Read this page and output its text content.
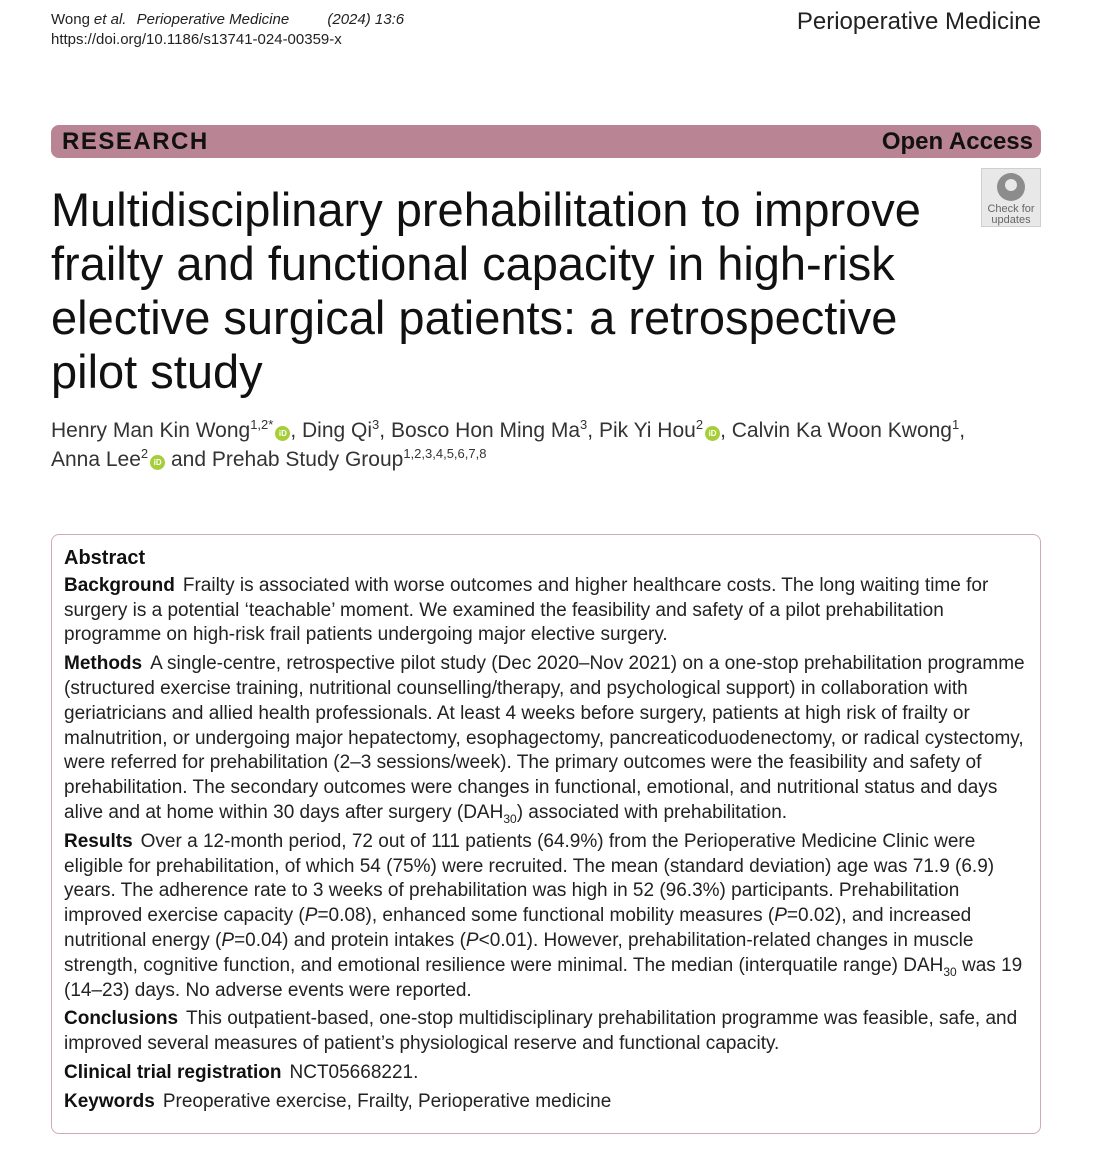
Wong et al. Perioperative Medicine	(2024) 13:6
https://doi.org/10.1186/s13741-024-00359-x
Perioperative Medicine
RESEARCH	Open Access
Check for
updates
Multidisciplinary prehabilitation to improve frailty and functional capacity in high-risk elective surgical patients: a retrospective pilot study
Henry Man Kin Wong$^{1,2*}$iD , Ding Qi$^3$, Bosco Hon Ming Ma$^3$, Pik Yi Hou$^2$iD , Calvin Ka Woon Kwong$^1$,
Anna Lee$^2$iD and Prehab Study Group$^{1,2,3,4,5,6,7,8}$
Abstract

Background Frailty is associated with worse outcomes and higher healthcare costs. The long waiting time for surgery is a potential ‘teachable’ moment. We examined the feasibility and safety of a pilot prehabilitation programme on high-risk frail patients undergoing major elective surgery.

Methods A single-centre, retrospective pilot study (Dec 2020–Nov 2021) on a one-stop prehabilitation programme (structured exercise training, nutritional counselling/therapy, and psychological support) in collaboration with geriatricians and allied health professionals. At least 4 weeks before surgery, patients at high risk of frailty or malnutrition, or undergoing major hepatectomy, esophagectomy, pancreaticoduodenectomy, or radical cystectomy, were referred for prehabilitation (2–3 sessions/week). The primary outcomes were the feasibility and safety of prehabilitation. The secondary outcomes were changes in functional, emotional, and nutritional status and days alive and at home within 30 days after surgery $(DAH_{30})$ associated with prehabilitation.

Results Over a 12-month period, 72 out of 111 patients (64.9%) from the Perioperative Medicine Clinic were eligible for prehabilitation, of which 54 (75%) were recruited. The mean (standard deviation) age was 71.9 (6.9) years. The adherence rate to 3 weeks of prehabilitation was high in 52 (96.3%) participants. Prehabilitation improved exercise capacity (P=0.08), enhanced some functional mobility measures (P=0.02), and increased nutritional energy (P=0.04) and protein intakes (P<0.01). However, prehabilitation-related changes in muscle strength, cognitive function, and emotional resilience were minimal. The median (interquatile range) $DAH_{30}$ was 19 (14–23) days. No adverse events were reported.

Conclusions This outpatient-based, one-stop multidisciplinary prehabilitation programme was feasible, safe, and improved several measures of patient’s physiological reserve and functional capacity.

Clinical trial registration NCT05668221.

Keywords Preoperative exercise, Frailty, Perioperative medicine
